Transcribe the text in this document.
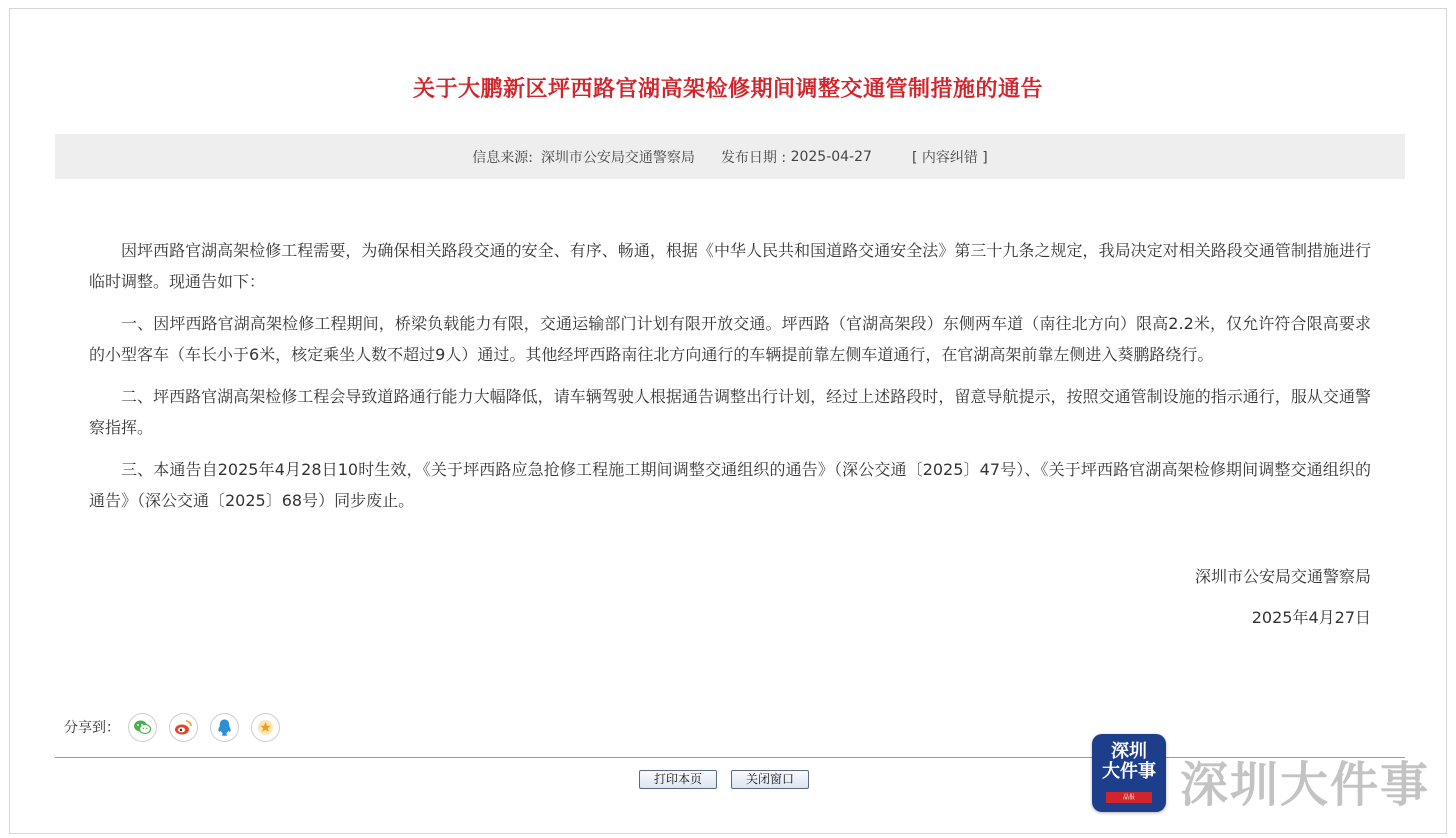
关于大鹏新区坪西路官湖高架检修期间调整交通管制措施的通告
信息来源: 深圳市公安局交通警察局 发布日期 : 2025-04-27	[ 内容纠错 ]

因坪西路官湖高架检修工程需要，为确保相关路段交通的安全、有序、畅通，根据《中华人民共和国道路交通安全法》第三十九条之规定，我局决定对相关路段交通管制措施进行临时调整。现通告如下：

一、因坪西路官湖高架检修工程期间，桥梁负载能力有限，交通运输部门计划有限开放交通。坪西路（官湖高架段）东侧两车道（南往北方向）限高2.2米，仅允许符合限高要求的小型客车（车长小于6米，核定乘坐人数不超过9人）通过。其他经坪西路南往北方向通行的车辆提前靠左侧车道通行，在官湖高架前靠左侧进入葵鹏路绕行。

二、坪西路官湖高架检修工程会导致道路通行能力大幅降低，请车辆驾驶人根据通告调整出行计划，经过上述路段时，留意导航提示，按照交通管制设施的指示通行，服从交通警察指挥。

三、本通告自2025年4月28日10时生效，《关于坪西路应急抢修工程施工期间调整交通组织的通告》（深公交通〔2025〕47号）、《关于坪西路官湖高架检修期间调整交通组织的通告》（深公交通〔2025〕68号）同步废止。

深圳市公安局交通警察局
2025年4月27日
分享到：
打印本页	关闭窗口
深圳
大件事
晶报 深圳大件事
